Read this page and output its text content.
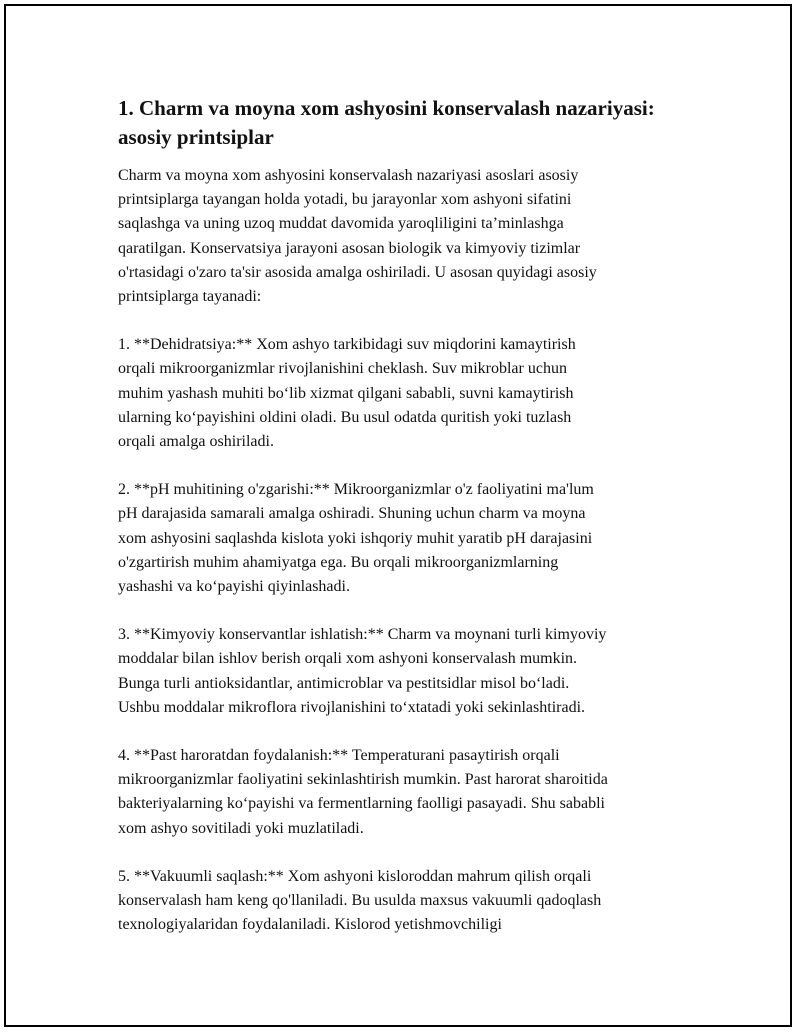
1. Charm va moyna xom ashyosini konservalash nazariyasi:
asosiy printsiplar

Charm va moyna xom ashyosini konservalash nazariyasi asoslari asosiy
printsiplarga tayangan holda yotadi, bu jarayonlar xom ashyoni sifatini
saqlashga va uning uzoq muddat davomida yaroqliligini ta’minlashga
qaratilgan. Konservatsiya jarayoni asosan biologik va kimyoviy tizimlar
o'rtasidagi o'zaro ta'sir asosida amalga oshiriladi. U asosan quyidagi asosiy
printsiplarga tayanadi:

1. **Dehidratsiya:** Xom ashyo tarkibidagi suv miqdorini kamaytirish
orqali mikroorganizmlar rivojlanishini cheklash. Suv mikroblar uchun
muhim yashash muhiti bo‘lib xizmat qilgani sababli, suvni kamaytirish
ularning ko‘payishini oldini oladi. Bu usul odatda quritish yoki tuzlash
orqali amalga oshiriladi.

2. **pH muhitining o'zgarishi:** Mikroorganizmlar o'z faoliyatini ma'lum
pH darajasida samarali amalga oshiradi. Shuning uchun charm va moyna
xom ashyosini saqlashda kislota yoki ishqoriy muhit yaratib pH darajasini
o'zgartirish muhim ahamiyatga ega. Bu orqali mikroorganizmlarning
yashashi va ko‘payishi qiyinlashadi.

3. **Kimyoviy konservantlar ishlatish:** Charm va moynani turli kimyoviy
moddalar bilan ishlov berish orqali xom ashyoni konservalash mumkin.
Bunga turli antioksidantlar, antimicroblar va pestitsidlar misol bo‘ladi.
Ushbu moddalar mikroflora rivojlanishini to‘xtatadi yoki sekinlashtiradi.

4. **Past haroratdan foydalanish:** Temperaturani pasaytirish orqali
mikroorganizmlar faoliyatini sekinlashtirish mumkin. Past harorat sharoitida
bakteriyalarning ko‘payishi va fermentlarning faolligi pasayadi. Shu sababli
xom ashyo sovitiladi yoki muzlatiladi.

5. **Vakuumli saqlash:** Xom ashyoni kisloroddan mahrum qilish orqali
konservalash ham keng qo'llaniladi. Bu usulda maxsus vakuumli qadoqlash
texnologiyalaridan foydalaniladi. Kislorod yetishmovchiligi
